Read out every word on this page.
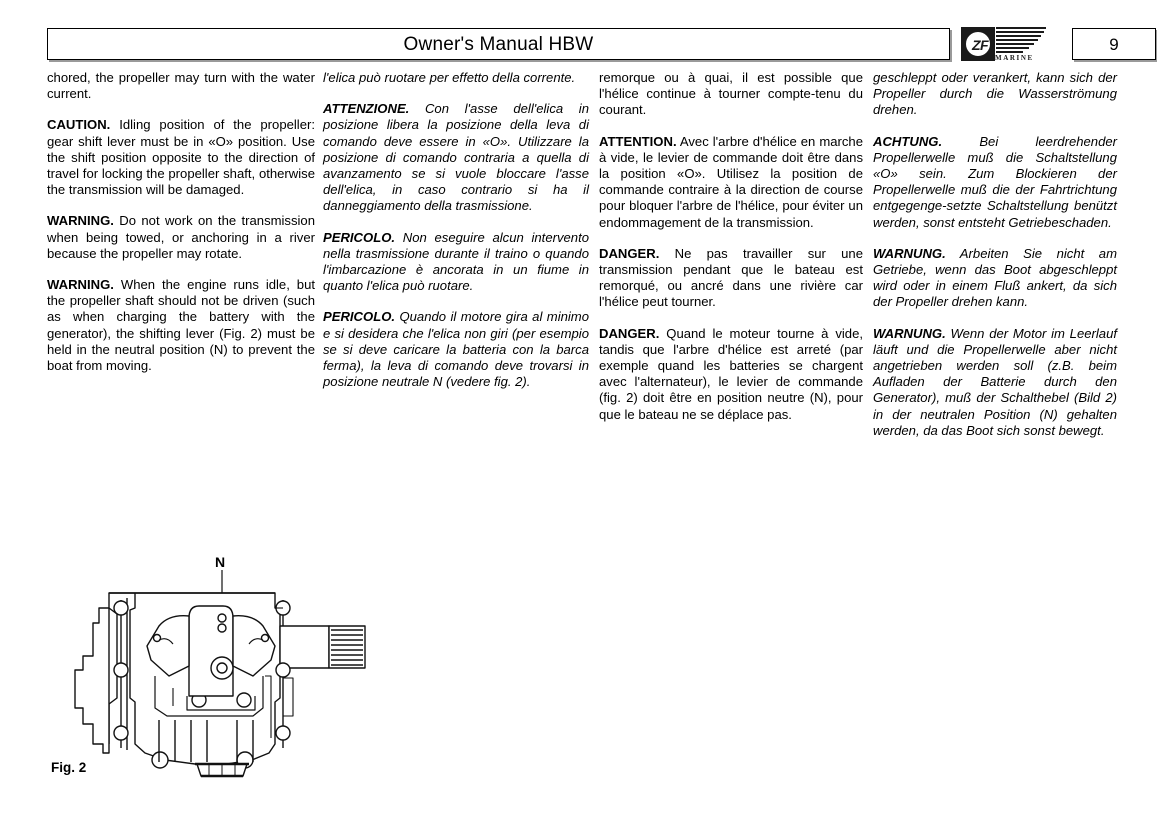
Owner's Manual HBW	ZF
MARINE
9

chored, the propeller may turn with the water current.

CAUTION. Idling position of the propeller: gear shift lever must be in «O» position. Use the shift position opposite to the direction of travel for locking the propeller shaft, otherwise the transmission will be damaged.

WARNING. Do not work on the transmission when being towed, or anchoring in a river because the propeller may rotate.

WARNING. When the engine runs idle, but the propeller shaft should not be driven (such as when charging the battery with the generator), the shifting lever (Fig. 2) must be held in the neutral position (N) to prevent the boat from moving.

l'elica può ruotare per effetto della corrente.

ATTENZIONE. Con l'asse dell'elica in posizione libera la posizione della leva di comando deve essere in «O». Utilizzare la posizione di comando contraria a quella di avanzamento se si vuole bloccare l'asse dell'elica, in caso contrario si ha il danneggiamento della trasmissione.

PERICOLO. Non eseguire alcun intervento nella trasmissione durante il traino o quando l'imbarcazione è ancorata in un fiume in quanto l'elica può ruotare.

PERICOLO. Quando il motore gira al minimo e si desidera che l'elica non giri (per esempio se si deve caricare la batteria con la barca ferma), la leva di comando deve trovarsi in posizione neutrale N (vedere fig. 2).

remorque ou à quai, il est possible que l'hélice continue à tourner compte-tenu du courant.

ATTENTION. Avec l'arbre d'hélice en marche à vide, le levier de commande doit être dans la position «O». Utilisez la position de commande contraire à la direction de course pour bloquer l'arbre de l'hélice, pour éviter un endommagement de la transmission.

DANGER. Ne pas travailler sur une transmission pendant que le bateau est remorqué, ou ancré dans une rivière car l'hélice peut tourner.

DANGER. Quand le moteur tourne à vide, tandis que l'arbre d'hélice est arreté (par exemple quand les batteries se chargent avec l'alternateur), le levier de commande (fig. 2) doit être en position neutre (N), pour que le bateau ne se déplace pas.

geschleppt oder verankert, kann sich der Propeller durch die Wasserströmung drehen.

ACHTUNG. Bei leerdrehender Propellerwelle muß die Schaltstellung «O» sein. Zum Blockieren der Propellerwelle muß die der Fahrtrichtung entgegenge-setzte Schaltstellung benützt werden, sonst entsteht Getriebeschaden.

WARNUNG. Arbeiten Sie nicht am Getriebe, wenn das Boot abgeschleppt wird oder in einem Fluß ankert, da sich der Propeller drehen kann.

WARNUNG. Wenn der Motor im Leerlauf läuft und die Propellerwelle aber nicht angetrieben werden soll (z.B. beim Aufladen der Batterie durch den Generator), muß der Schalthebel (Bild 2) in der neutralen Position (N) gehalten werden, da das Boot sich sonst bewegt.

N
Fig. 2
